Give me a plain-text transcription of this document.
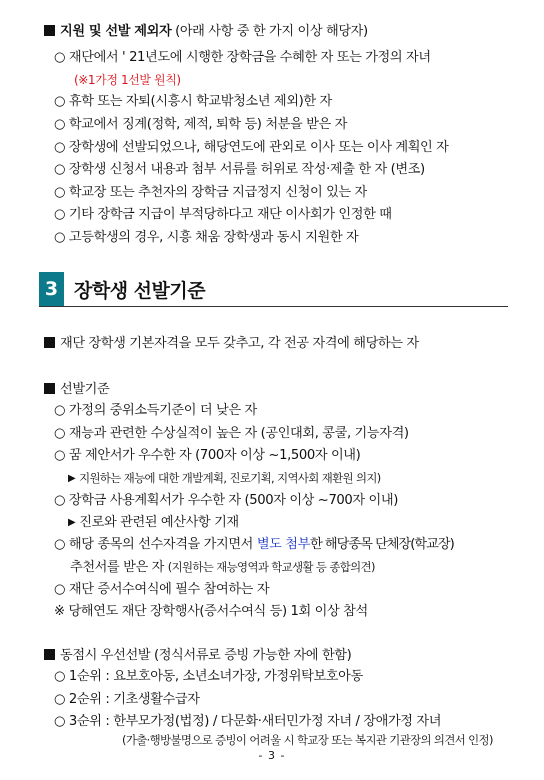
지원 및 선발 제외자 (아래 사항 중 한 가지 이상 해당자)
○ 재단에서 ' 21년도에 시행한 장학금을 수혜한 자 또는 가정의 자녀
(※1가정 1선발 원칙)
○ 휴학 또는 자퇴(시흥시 학교밖청소년 제외)한 자
○ 학교에서 징계(정학, 제적, 퇴학 등) 처분을 받은 자
○ 장학생에 선발되었으나, 해당연도에 관외로 이사 또는 이사 계획인 자
○ 장학생 신청서 내용과 첨부 서류를 허위로 작성·제출 한 자 (변조)
○ 학교장 또는 추천자의 장학금 지급정지 신청이 있는 자
○ 기타 장학금 지급이 부적당하다고 재단 이사회가 인정한 때
○ 고등학생의 경우, 시흥 채움 장학생과 동시 지원한 자
3 장학생 선발기준
재단 장학생 기본자격을 모두 갖추고, 각 전공 자격에 해당하는 자
선발기준
○ 가정의 중위소득기준이 더 낮은 자
○ 재능과 관련한 수상실적이 높은 자 (공인대회, 콩쿨, 기능자격)
○ 꿈 제안서가 우수한 자 (700자 이상 ~1,500자 이내)
▶ 지원하는 재능에 대한 개발계획, 진로기획, 지역사회 재환원 의지)
○ 장학금 사용계획서가 우수한 자 (500자 이상 ~700자 이내)
▶ 진로와 관련된 예산사항 기재
○ 해당 종목의 선수자격을 가지면서 별도 첨부한 해당종목 단체장(학교장)
추천서를 받은 자 (지원하는 재능영역과 학교생활 등 종합의견)
○ 재단 증서수여식에 필수 참여하는 자
※ 당해연도 재단 장학행사(증서수여식 등) 1회 이상 참석
동점시 우선선발 (정식서류로 증빙 가능한 자에 한함)
○ 1순위 : 요보호아동, 소년소녀가장, 가정위탁보호아동
○ 2순위 : 기초생활수급자
○ 3순위 : 한부모가정(법정) / 다문화·새터민가정 자녀 / 장애가정 자녀
(가출·행방불명으로 증빙이 어려울 시 학교장 또는 복지관 기관장의 의견서 인정)
- 3 -
